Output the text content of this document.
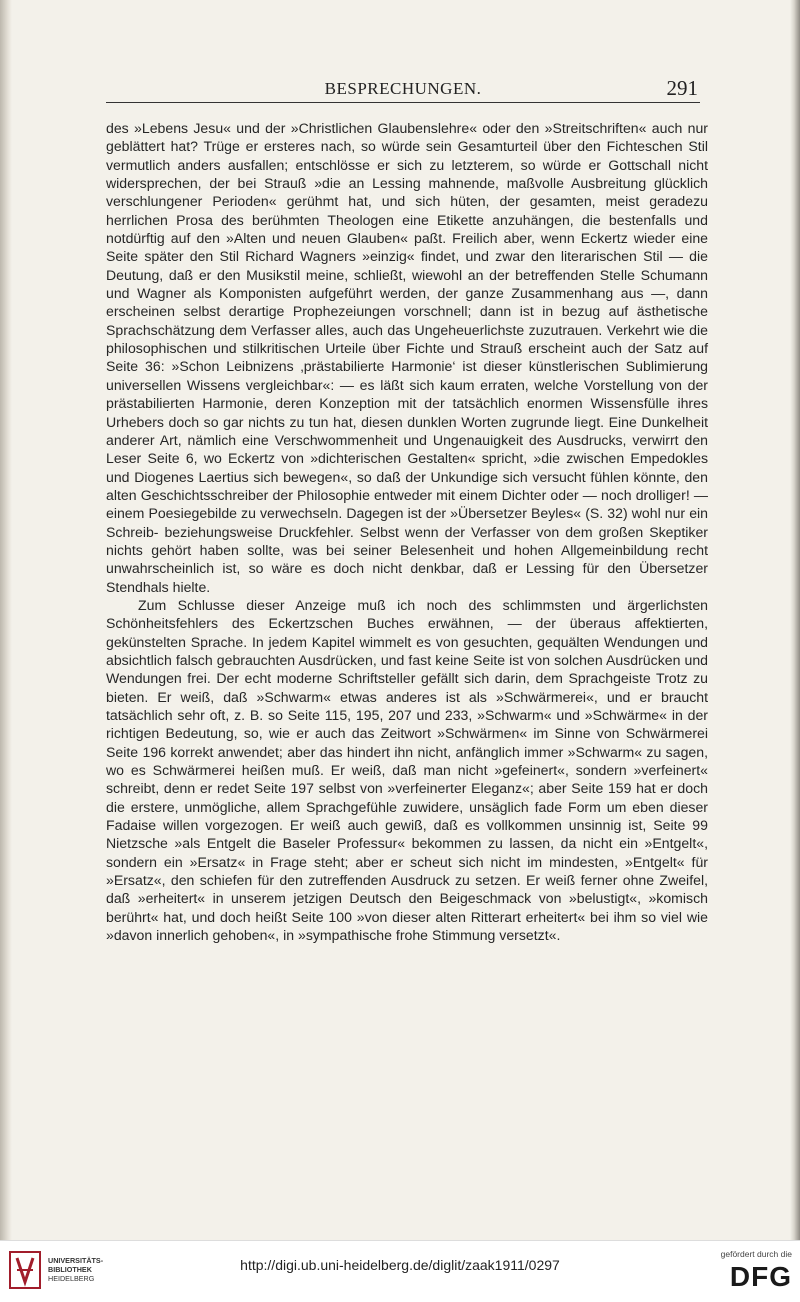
BESPRECHUNGEN.	291

des »Lebens Jesu« und der »Christlichen Glaubenslehre« oder den »Streitschriften« auch nur geblättert hat? Trüge er ersteres nach, so würde sein Gesamturteil über den Fichteschen Stil vermutlich anders ausfallen; entschlösse er sich zu letzterem, so würde er Gottschall nicht widersprechen, der bei Strauß »die an Lessing mahnende, maßvolle Ausbreitung glücklich verschlungener Perioden« gerühmt hat, und sich hüten, der gesamten, meist geradezu herrlichen Prosa des berühmten Theologen eine Etikette anzuhängen, die bestenfalls und notdürftig auf den »Alten und neuen Glauben« paßt. Freilich aber, wenn Eckertz wieder eine Seite später den Stil Richard Wagners »einzig« findet, und zwar den literarischen Stil — die Deutung, daß er den Musikstil meine, schließt, wiewohl an der betreffenden Stelle Schumann und Wagner als Komponisten aufgeführt werden, der ganze Zusammenhang aus —, dann erscheinen selbst derartige Prophezeiungen vorschnell; dann ist in bezug auf ästhetische Sprachschätzung dem Verfasser alles, auch das Ungeheuerlichste zuzutrauen. Verkehrt wie die philosophischen und stilkritischen Urteile über Fichte und Strauß erscheint auch der Satz auf Seite 36: »Schon Leibnizens ‚prästabilierte Harmonie‘ ist dieser künstlerischen Sublimierung universellen Wissens vergleichbar«: — es läßt sich kaum erraten, welche Vorstellung von der prästabilierten Harmonie, deren Konzeption mit der tatsächlich enormen Wissensfülle ihres Urhebers doch so gar nichts zu tun hat, diesen dunklen Worten zugrunde liegt. Eine Dunkelheit anderer Art, nämlich eine Verschwommenheit und Ungenauigkeit des Ausdrucks, verwirrt den Leser Seite 6, wo Eckertz von »dichterischen Gestalten« spricht, »die zwischen Empedokles und Diogenes Laertius sich bewegen«, so daß der Unkundige sich versucht fühlen könnte, den alten Geschichtsschreiber der Philosophie entweder mit einem Dichter oder — noch drolliger! — einem Poesiegebilde zu verwechseln. Dagegen ist der »Übersetzer Beyles« (S. 32) wohl nur ein Schreib- beziehungsweise Druckfehler. Selbst wenn der Verfasser von dem großen Skeptiker nichts gehört haben sollte, was bei seiner Belesenheit und hohen Allgemeinbildung recht unwahrscheinlich ist, so wäre es doch nicht denkbar, daß er Lessing für den Übersetzer Stendhals hielte.

Zum Schlusse dieser Anzeige muß ich noch des schlimmsten und ärgerlichsten Schönheitsfehlers des Eckertzschen Buches erwähnen, — der überaus affektierten, gekünstelten Sprache. In jedem Kapitel wimmelt es von gesuchten, gequälten Wendungen und absichtlich falsch gebrauchten Ausdrücken, und fast keine Seite ist von solchen Ausdrücken und Wendungen frei. Der echt moderne Schriftsteller gefällt sich darin, dem Sprachgeiste Trotz zu bieten. Er weiß, daß »Schwarm« etwas anderes ist als »Schwärmerei«, und er braucht tatsächlich sehr oft, z. B. so Seite 115, 195, 207 und 233, »Schwarm« und »Schwärme« in der richtigen Bedeutung, so, wie er auch das Zeitwort »Schwärmen« im Sinne von Schwärmerei Seite 196 korrekt anwendet; aber das hindert ihn nicht, anfänglich immer »Schwarm« zu sagen, wo es Schwärmerei heißen muß. Er weiß, daß man nicht »gefeinert«, sondern »verfeinert« schreibt, denn er redet Seite 197 selbst von »verfeinerter Eleganz«; aber Seite 159 hat er doch die erstere, unmögliche, allem Sprachgefühle zuwidere, unsäglich fade Form um eben dieser Fadaise willen vorgezogen. Er weiß auch gewiß, daß es vollkommen unsinnig ist, Seite 99 Nietzsche »als Entgelt die Baseler Professur« bekommen zu lassen, da nicht ein »Entgelt«, sondern ein »Ersatz« in Frage steht; aber er scheut sich nicht im mindesten, »Entgelt« für »Ersatz«, den schiefen für den zutreffenden Ausdruck zu setzen. Er weiß ferner ohne Zweifel, daß »erheitert« in unserem jetzigen Deutsch den Beigeschmack von »belustigt«, »komisch berührt« hat, und doch heißt Seite 100 »von dieser alten Ritterart erheitert« bei ihm so viel wie »davon innerlich gehoben«, in »sympathische frohe Stimmung versetzt«.

UNIVERSITÄTS-
BIBLIOTHEK
HEIDELBERG
http://digi.ub.uni-heidelberg.de/diglit/zaak1911/0297
gefördert durch die
DFG
